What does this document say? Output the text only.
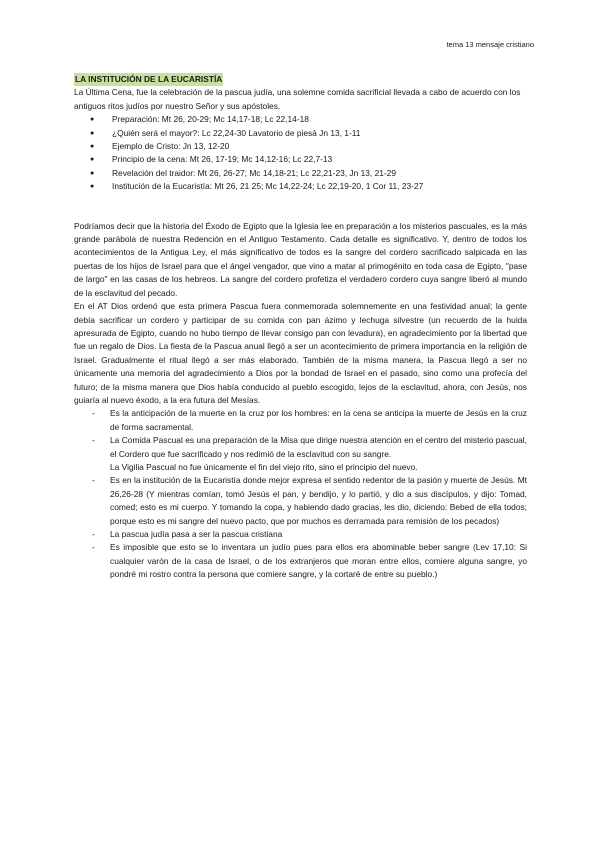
tema 13 mensaje cristiano
LA INSTITUCIÓN DE LA EUCARISTÍA

La Última Cena, fue la celebración de la pascua judía, una solemne comida sacrificial llevada a cabo de acuerdo con los antiguos ritos judíos por nuestro Señor y sus apóstoles.

● Preparación: Mt 26, 20-29; Mc 14,17-18; Lc 22,14-18
● ¿Quién será el mayor?: Lc 22,24-30 Lavatorio de piesá Jn 13, 1-11
● Ejemplo de Cristo: Jn 13, 12-20
● Principio de la cena: Mt 26, 17-19; Mc 14,12-16; Lc 22,7-13
● Revelación del traidor: Mt 26, 26-27; Mc 14,18-21; Lc 22,21-23, Jn 13, 21-29
● Institución de la Eucaristía: Mt 26, 21 25; Mc 14,22-24; Lc 22,19-20, 1 Cor 11, 23-27

Podríamos decir que la historia del Éxodo de Egipto que la Iglesia lee en preparación a los misterios pascuales, es la más grande parábola de nuestra Redención en el Antiguo Testamento. Cada detalle es significativo. Y, dentro de todos los acontecimientos de la Antigua Ley, el más significativo de todos es la sangre del cordero sacrificado salpicada en las puertas de los hijos de Israel para que el ángel vengador, que vino a matar al primogénito en toda casa de Egipto, "pase de largo" en las casas de los hebreos. La sangre del cordero profetiza el verdadero cordero cuya sangre liberó al mundo de la esclavitud del pecado.

En el AT Dios ordenó que esta primera Pascua fuera conmemorada solemnemente en una festividad anual; la gente debía sacrificar un cordero y participar de su comida con pan ázimo y lechuga silvestre (un recuerdo de la huida apresurada de Egipto, cuando no hubo tiempo de llevar consigo pan con levadura), en agradecimiento por la libertad que fue un regalo de Dios. La fiesta de la Pascua anual llegó a ser un acontecimiento de primera importancia en la religión de Israel. Gradualmente el ritual llegó a ser más elaborado. También de la misma manera, la Pascua llegó a ser no únicamente una memoria del agradecimiento a Dios por la bondad de Israel en el pasado, sino como una profecía del futuro; de la misma manera que Dios había conducido al pueblo escogido, lejos de la esclavitud, ahora, con Jesús, nos guiaría al nuevo éxodo, a la era futura del Mesías.

- Es la anticipación de la muerte en la cruz por los hombres: en la cena se anticipa la muerte de Jesús en la cruz de forma sacramental.
- La Comida Pascual es una preparación de la Misa que dirige nuestra atención en el centro del misterio pascual, el Cordero que fue sacrificado y nos redimió de la esclavitud con su sangre.
La Vigilia Pascual no fue únicamente el fin del viejo rito, sino el principio del nuevo.
- Es en la institución de la Eucaristía donde mejor expresa el sentido redentor de la pasión y muerte de Jesús. Mt 26,26-28 (Y mientras comían, tomó Jesús el pan, y bendijo, y lo partió, y dio a sus discípulos, y dijo: Tomad, comed; esto es mi cuerpo. Y tomando la copa, y habiendo dado gracias, les dio, diciendo: Bebed de ella todos; porque esto es mi sangre del nuevo pacto, que por muchos es derramada para remisión de los pecados)
- La pascua judía pasa a ser la pascua cristiana
- Es imposible que esto se lo inventara un judío pues para ellos era abominable beber sangre (Lev 17,10: Si cualquier varón de la casa de Israel, o de los extranjeros que moran entre ellos, comiere alguna sangre, yo pondré mi rostro contra la persona que comiere sangre, y la cortaré de entre su pueblo.)
